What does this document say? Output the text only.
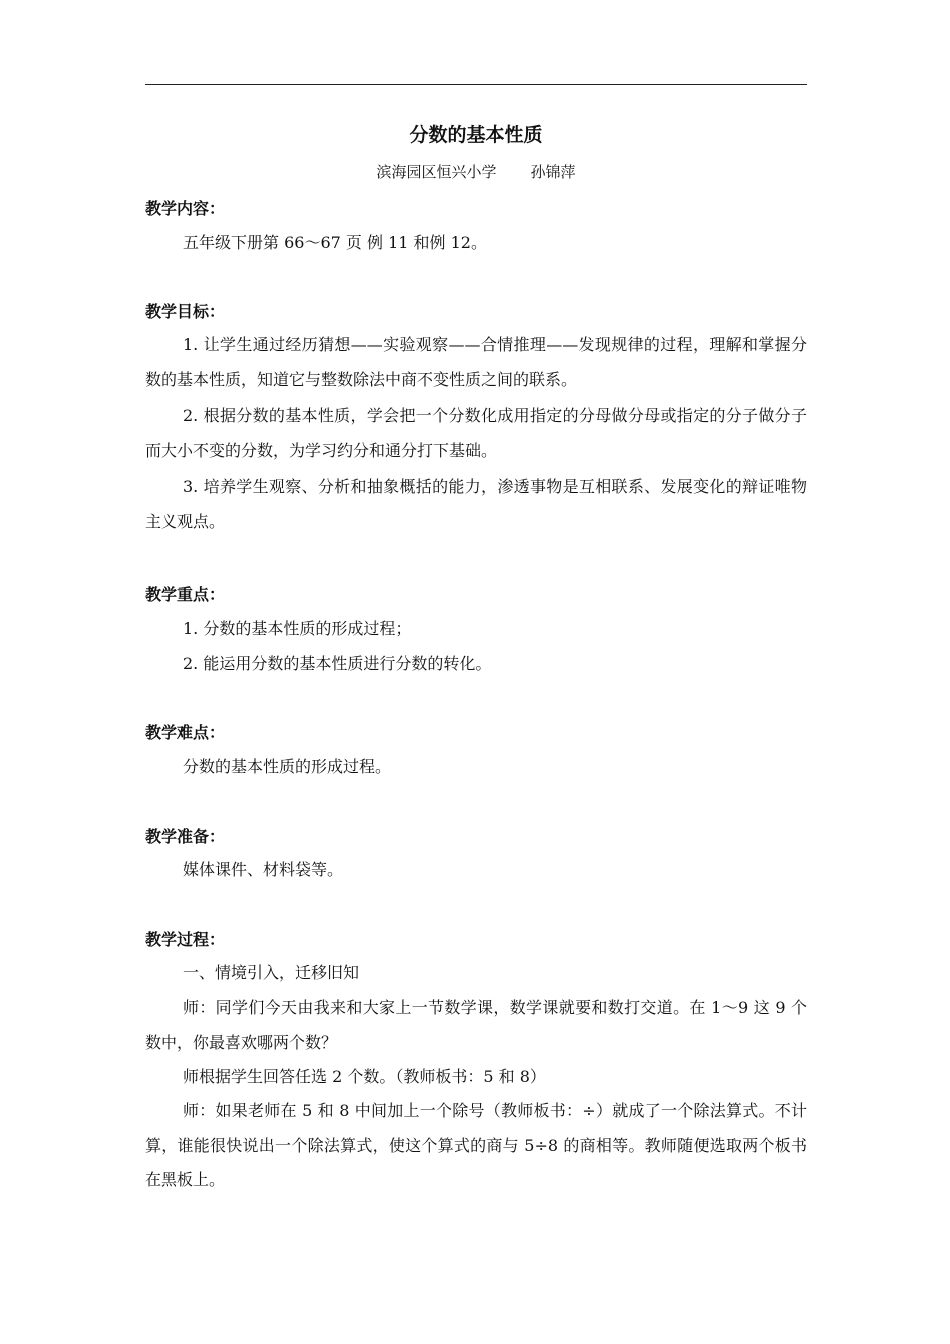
分数的基本性质
滨海园区恒兴小学 孙锦萍
教学内容：

五年级下册第 66～67 页 例 11 和例 12。

教学目标：

1. 让学生通过经历猜想——实验观察——合情推理——发现规律的过程，理解和掌握分数的基本性质，知道它与整数除法中商不变性质之间的联系。

2. 根据分数的基本性质，学会把一个分数化成用指定的分母做分母或指定的分子做分子而大小不变的分数，为学习约分和通分打下基础。

3. 培养学生观察、分析和抽象概括的能力，渗透事物是互相联系、发展变化的辩证唯物主义观点。

教学重点：

1. 分数的基本性质的形成过程；

2. 能运用分数的基本性质进行分数的转化。

教学难点：

分数的基本性质的形成过程。

教学准备：

媒体课件、材料袋等。

教学过程：

一、情境引入，迁移旧知

师：同学们今天由我来和大家上一节数学课，数学课就要和数打交道。在 1～9 这 9 个数中，你最喜欢哪两个数？

师根据学生回答任选 2 个数。（教师板书：5 和 8）

师：如果老师在 5 和 8 中间加上一个除号（教师板书：÷）就成了一个除法算式。不计算，谁能很快说出一个除法算式，使这个算式的商与 5÷8 的商相等。教师随便选取两个板书在黑板上。
